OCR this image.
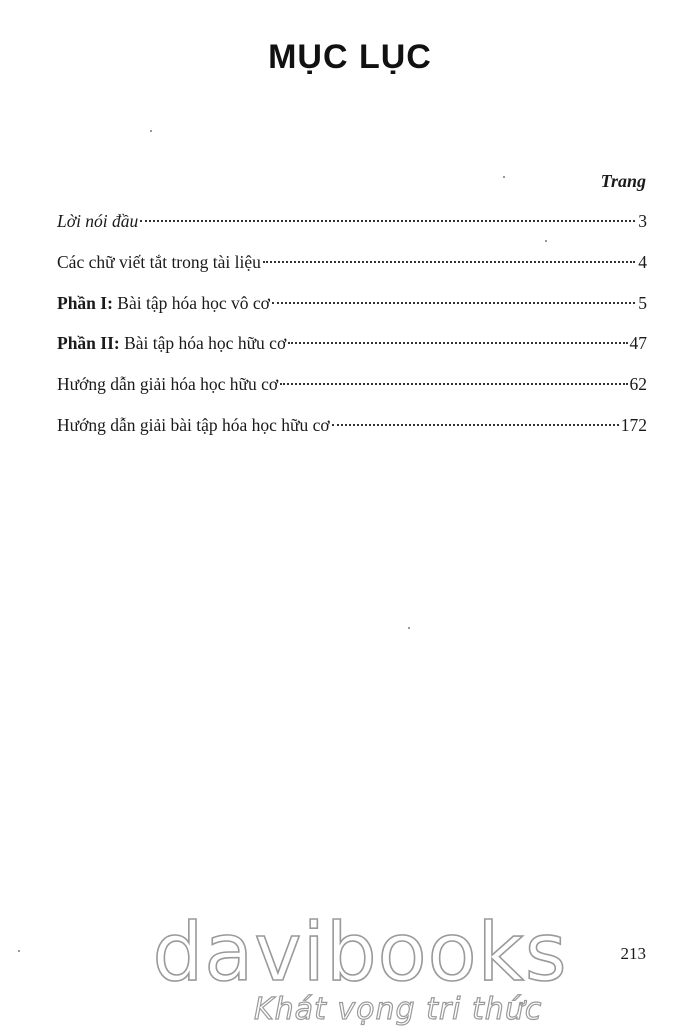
MỤC LỤC
Trang
Lời nói đầu	3
Các chữ viết tắt trong tài liệu	4
Phần I: Bài tập hóa học vô cơ	5
Phần II: Bài tập hóa học hữu cơ	47
Hướng dẫn giải hóa học hữu cơ	62
Hướng dẫn giải bài tập hóa học hữu cơ	172
213
davibooks
Khát vọng tri thức
